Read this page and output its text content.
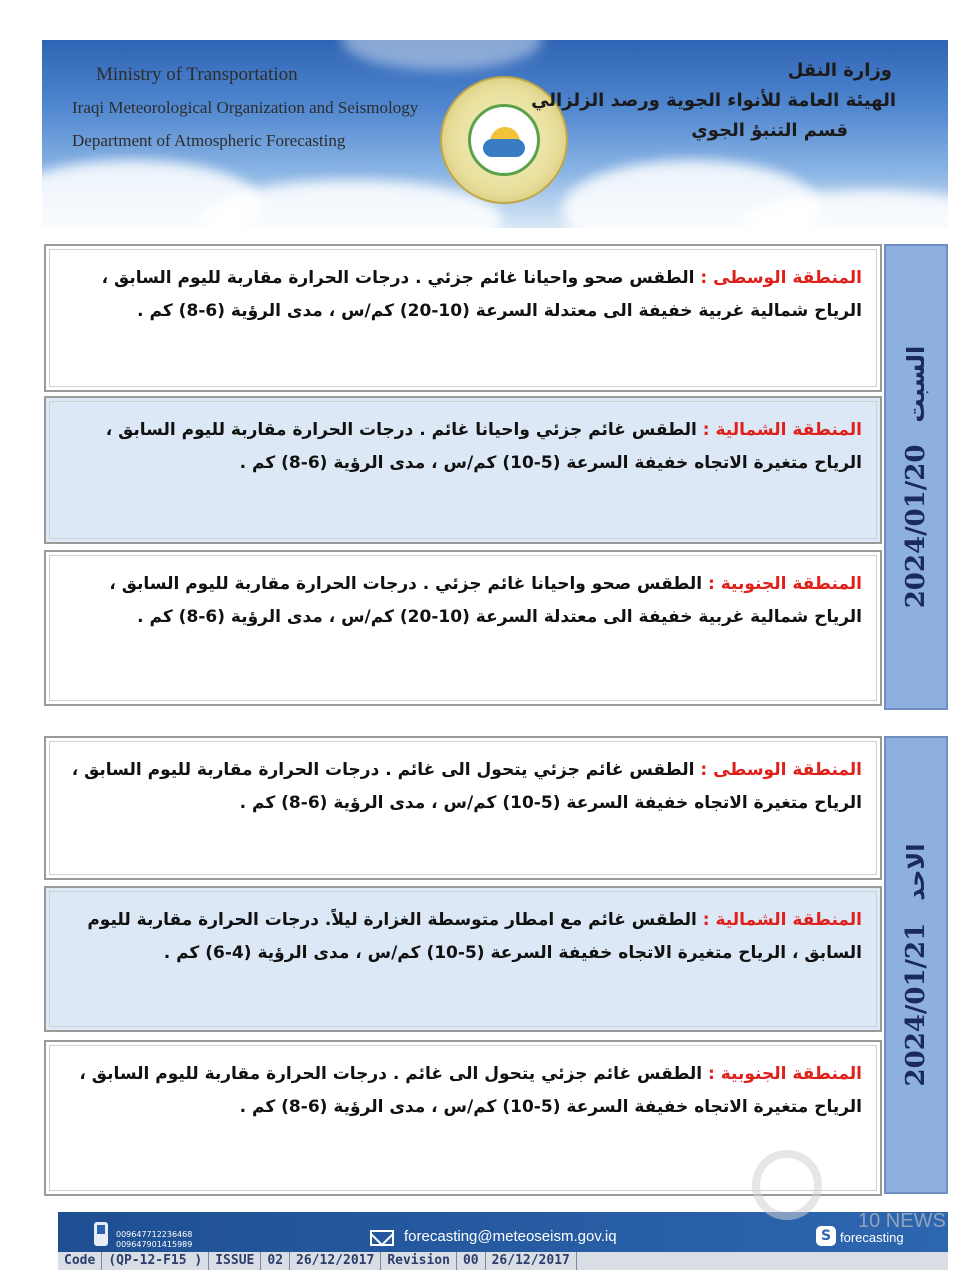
Ministry of Transportation
Iraqi Meteorological Organization and Seismology
Department of Atmospheric Forecasting
وزارة النقل
الهيئة العامة للأنواء الجوية ورصد الزلزالي
قسم التنبؤ الجوي

المنطقة الوسطى : الطقس صحو واحيانا غائم جزئي . درجات الحرارة مقاربة لليوم السابق ، الرياح شمالية غربية خفيفة الى معتدلة السرعة (10-20) كم/س ، مدى الرؤية (6-8) كم .

المنطقة الشمالية : الطقس غائم جزئي واحيانا غائم . درجات الحرارة مقاربة لليوم السابق ، الرياح متغيرة الاتجاه خفيفة السرعة (5-10) كم/س ، مدى الرؤية (6-8) كم .

المنطقة الجنوبية : الطقس صحو واحيانا غائم جزئي . درجات الحرارة مقاربة لليوم السابق ، الرياح شمالية غربية خفيفة الى معتدلة السرعة (10-20) كم/س ، مدى الرؤية (6-8) كم .

2024/01/20السبت

المنطقة الوسطى : الطقس غائم جزئي يتحول الى غائم . درجات الحرارة مقاربة لليوم السابق ، الرياح متغيرة الاتجاه خفيفة السرعة (5-10) كم/س ، مدى الرؤية (6-8) كم .

المنطقة الشمالية : الطقس غائم مع امطار متوسطة الغزارة ليلاً. درجات الحرارة مقاربة لليوم السابق ، الرياح متغيرة الاتجاه خفيفة السرعة (5-10) كم/س ، مدى الرؤية (4-6) كم .

المنطقة الجنوبية : الطقس غائم جزئي يتحول الى غائم . درجات الحرارة مقاربة لليوم السابق ، الرياح متغيرة الاتجاه خفيفة السرعة (5-10) كم/س ، مدى الرؤية (6-8) كم .

2024/01/21الاحد
009647712236468
009647901415989	forecasting@meteoseism.gov.iq	S forecasting
Code	(QP-12-F15 )	ISSUE	02	26/12/2017	Revision	00	26/12/2017
10 NEWS
